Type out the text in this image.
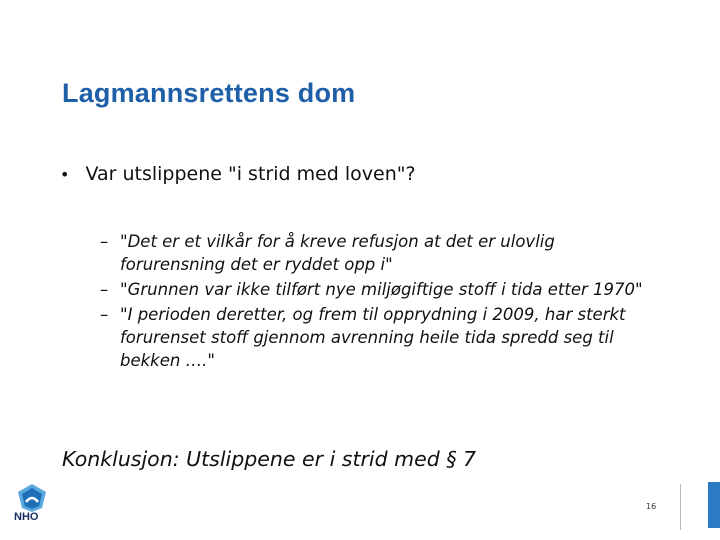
Lagmannsrettens dom
• Var utslippene "i strid med loven"?
– "Det er et vilkår for å kreve refusjon at det er ulovlig forurensning det er ryddet opp i"
– "Grunnen var ikke tilført nye miljøgiftige stoff i tida etter 1970"
– "I perioden deretter, og frem til opprydning i 2009, har sterkt forurenset stoff gjennom avrenning heile tida spredd seg til bekken …."
Konklusjon: Utslippene er i strid med § 7
NHO
16
